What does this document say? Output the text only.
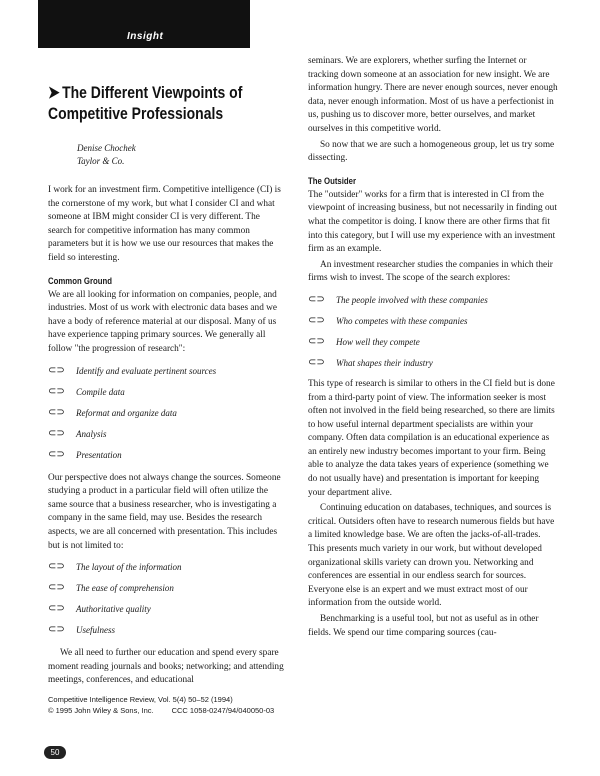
Insight
➤ The Different Viewpoints of Competitive Professionals
Denise Chochek
Taylor & Co.

I work for an investment firm. Competitive intelligence (CI) is the cornerstone of my work, but what I consider CI and what someone at IBM might consider CI is very different. The search for competitive information has many common parameters but it is how we use our resources that makes the field so interesting.

Common Ground

We are all looking for information on companies, people, and industries. Most of us work with electronic data bases and we have a body of reference material at our disposal. Many of us have experience tapping primary sources. We generally all follow "the progression of research":

⊂⊃ Identify and evaluate pertinent sources
⊂⊃ Compile data
⊂⊃ Reformat and organize data
⊂⊃ Analysis
⊂⊃ Presentation

Our perspective does not always change the sources. Someone studying a product in a particular field will often utilize the same source that a business researcher, who is investigating a company in the same field, may use. Besides the research aspects, we are all concerned with presentation. This includes but is not limited to:

⊂⊃ The layout of the information
⊂⊃ The ease of comprehension
⊂⊃ Authoritative quality
⊂⊃ Usefulness

We all need to further our education and spend every spare moment reading journals and books; networking; and attending meetings, conferences, and educational

seminars. We are explorers, whether surfing the Internet or tracking down someone at an association for new insight. We are information hungry. There are never enough sources, never enough data, never enough information. Most of us have a perfectionist in us, pushing us to discover more, better ourselves, and market ourselves in this competitive world.

So now that we are such a homogeneous group, let us try some dissecting.

The Outsider

The "outsider" works for a firm that is interested in CI from the viewpoint of increasing business, but not necessarily in finding out what the competitor is doing. I know there are other firms that fit into this category, but I will use my experience with an investment firm as an example.

An investment researcher studies the companies in which their firms wish to invest. The scope of the search explores:

⊂⊃ The people involved with these companies
⊂⊃ Who competes with these companies
⊂⊃ How well they compete
⊂⊃ What shapes their industry

This type of research is similar to others in the CI field but is done from a third-party point of view. The information seeker is most often not involved in the field being researched, so there are limits to how useful internal department specialists are within your company. Often data compilation is an educational experience as an entirely new industry becomes important to your firm. Being able to analyze the data takes years of experience (something we do not usually have) and presentation is important for keeping your department alive.

Continuing education on databases, techniques, and sources is critical. Outsiders often have to research numerous fields but have a limited knowledge base. We are often the jacks-of-all-trades. This presents much variety in our work, but without developed organizational skills variety can drown you. Networking and conferences are essential in our endless search for sources. Everyone else is an expert and we must extract most of our information from the outside world.

Benchmarking is a useful tool, but not as useful as in other fields. We spend our time comparing sources (cau-

Competitive Intelligence Review, Vol. 5(4) 50–52 (1994)
© 1995 John Wiley & Sons, Inc. CCC 1058-0247/94/040050-03
50
